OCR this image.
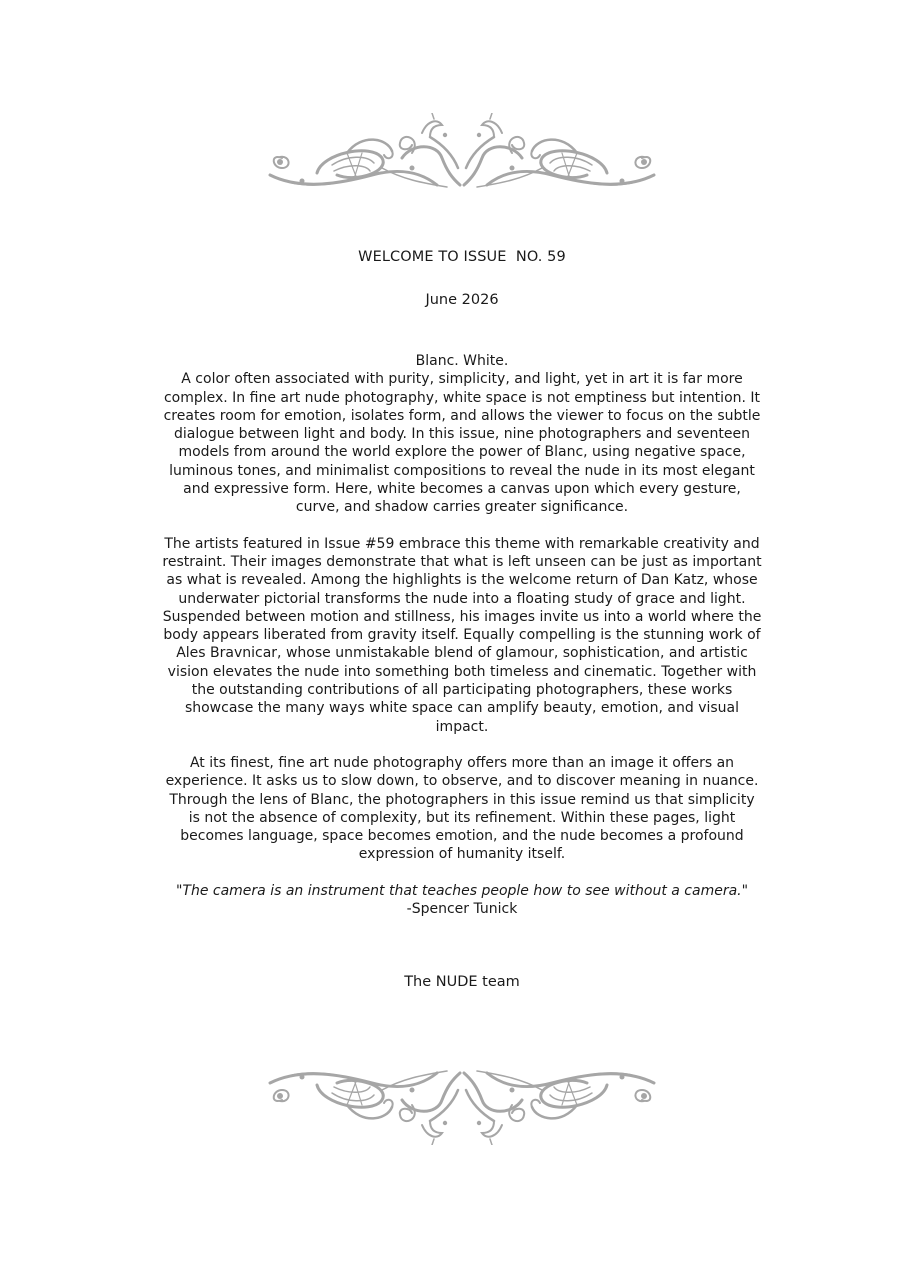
WELCOME TO ISSUE  NO. 59
June 2026

Blanc. White.

A color often associated with purity, simplicity, and light, yet in art it is far more complex. In fine art nude photography, white space is not emptiness but intention. It creates room for emotion, isolates form, and allows the viewer to focus on the subtle dialogue between light and body. In this issue, nine photographers and seventeen models from around the world explore the power of Blanc, using negative space, luminous tones, and minimalist compositions to reveal the nude in its most elegant and expressive form. Here, white becomes a canvas upon which every gesture, curve, and shadow carries greater significance.

The artists featured in Issue #59 embrace this theme with remarkable creativity and restraint. Their images demonstrate that what is left unseen can be just as important as what is revealed. Among the highlights is the welcome return of Dan Katz, whose underwater pictorial transforms the nude into a floating study of grace and light. Suspended between motion and stillness, his images invite us into a world where the body appears liberated from gravity itself. Equally compelling is the stunning work of Ales Bravnicar, whose unmistakable blend of glamour, sophistication, and artistic vision elevates the nude into something both timeless and cinematic. Together with the outstanding contributions of all participating photographers, these works showcase the many ways white space can amplify beauty, emotion, and visual impact.

At its finest, fine art nude photography offers more than an image it offers an experience. It asks us to slow down, to observe, and to discover meaning in nuance. Through the lens of Blanc, the photographers in this issue remind us that simplicity is not the absence of complexity, but its refinement. Within these pages, light becomes language, space becomes emotion, and the nude becomes a profound expression of humanity itself.

"The camera is an instrument that teaches people how to see without a camera."
-Spencer Tunick
The NUDE team
